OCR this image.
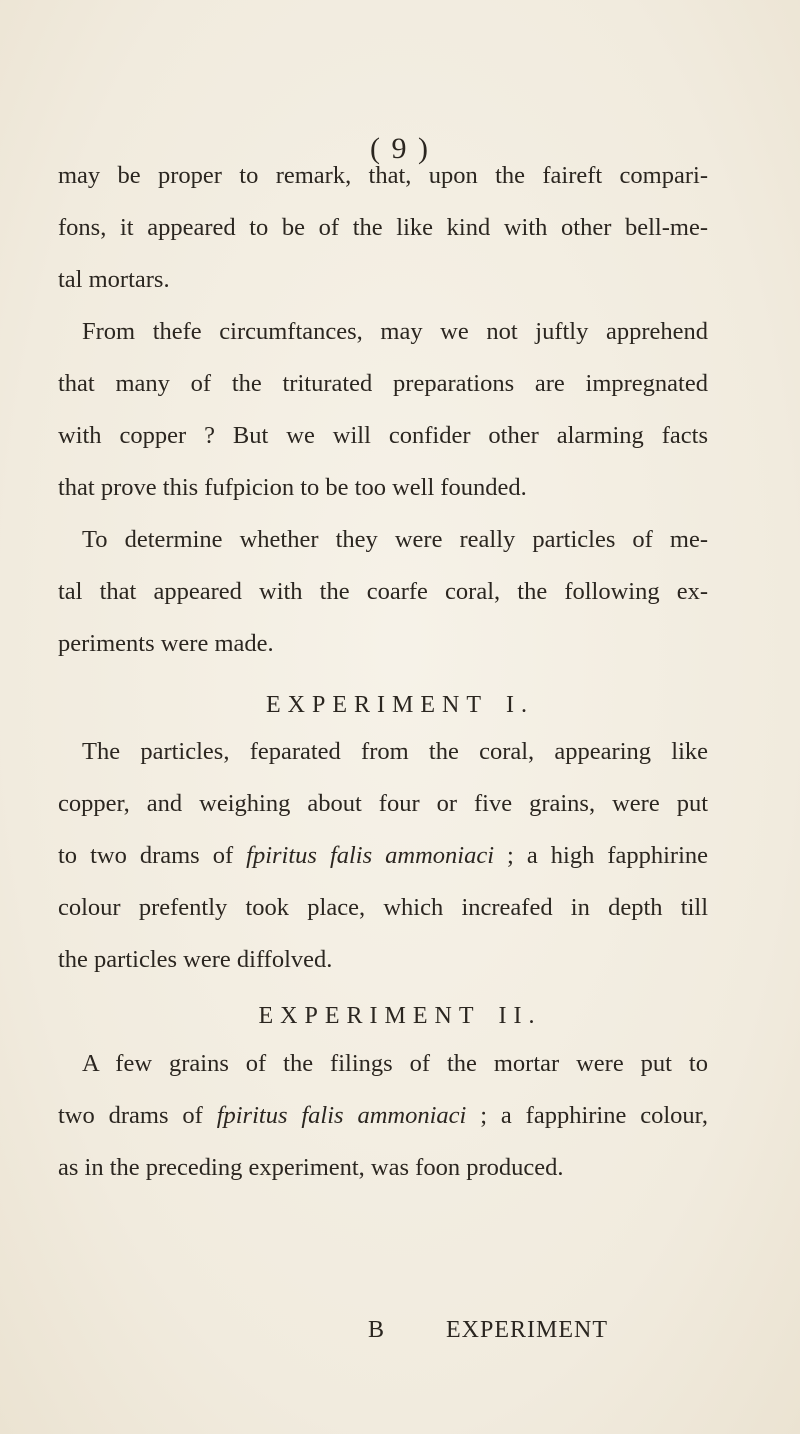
( 9 )
may be proper to remark, that, upon the faireft compari-
fons, it appeared to be of the like kind with other bell-me-
tal mortars.
From thefe circumftances, may we not juftly apprehend
that many of the triturated preparations are impregnated
with copper ? But we will confider other alarming facts
that prove this fufpicion to be too well founded.
To determine whether they were really particles of me-
tal that appeared with the coarfe coral, the following ex-
periments were made.
EXPERIMENT I.
The particles, feparated from the coral, appearing like
copper, and weighing about four or five grains, were put
to two drams of fpiritus falis ammoniaci ; a high fapphirine
colour prefently took place, which increafed in depth till
the particles were diffolved.
EXPERIMENT II.
A few grains of the filings of the mortar were put to
two drams of fpiritus falis ammoniaci ; a fapphirine colour,
as in the preceding experiment, was foon produced.
B	EXPERIMENT
